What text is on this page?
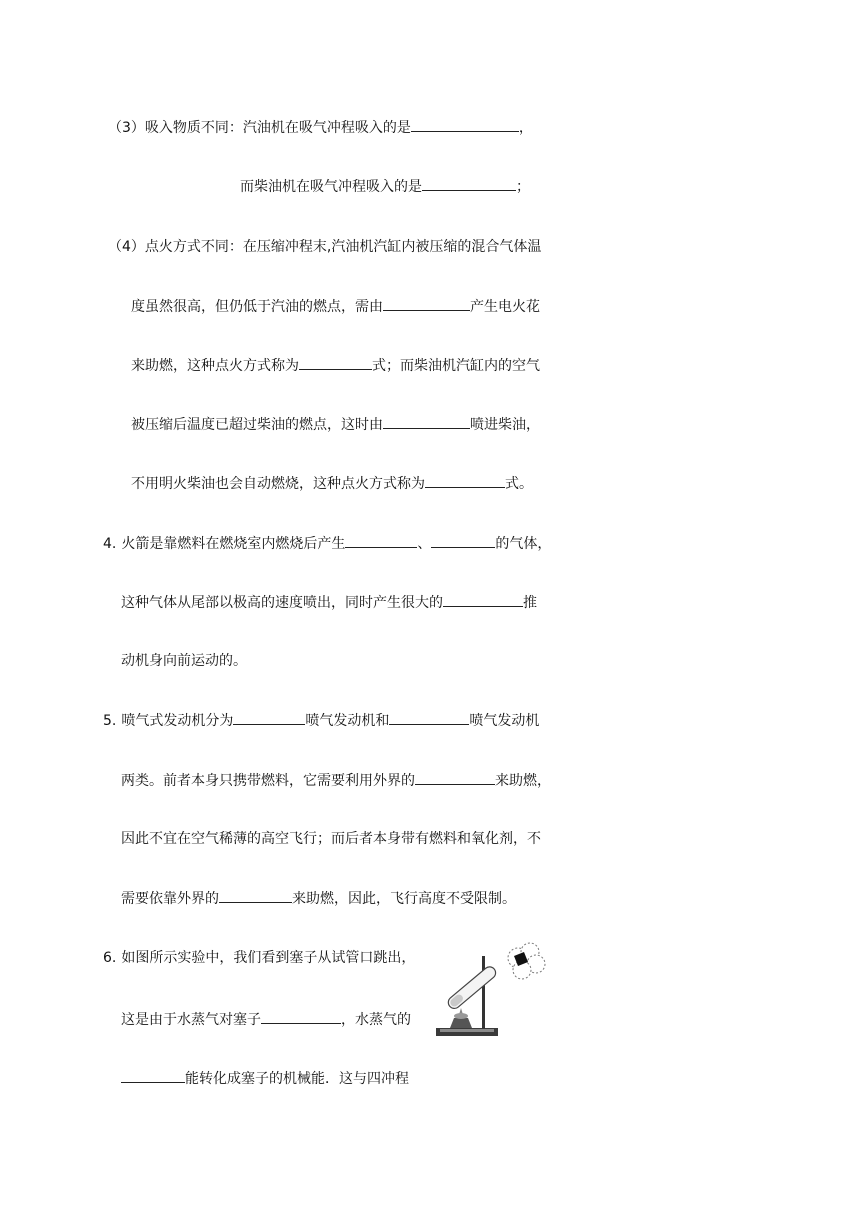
（3）吸入物质不同：汽油机在吸气冲程吸入的是	，
而柴油机在吸气冲程吸入的是	；
（4）点火方式不同：在压缩冲程末,汽油机汽缸内被压缩的混合气体温
度虽然很高，但仍低于汽油的燃点，需由	产生电火花
来助燃，这种点火方式称为	式；而柴油机汽缸内的空气
被压缩后温度已超过柴油的燃点，这时由	喷进柴油，
不用明火柴油也会自动燃烧，这种点火方式称为	式。
4. 火箭是靠燃料在燃烧室内燃烧后产生	、	的气体，
这种气体从尾部以极高的速度喷出，同时产生很大的	推
动机身向前运动的。
5. 喷气式发动机分为	喷气发动机和	喷气发动机
两类。前者本身只携带燃料，它需要利用外界的	来助燃，
因此不宜在空气稀薄的高空飞行；而后者本身带有燃料和氧化剂，不
需要依靠外界的	来助燃，因此，飞行高度不受限制。
6. 如图所示实验中，我们看到塞子从试管口跳出，
这是由于水蒸气对塞子	，水蒸气的
能转化成塞子的机械能．这与四冲程
